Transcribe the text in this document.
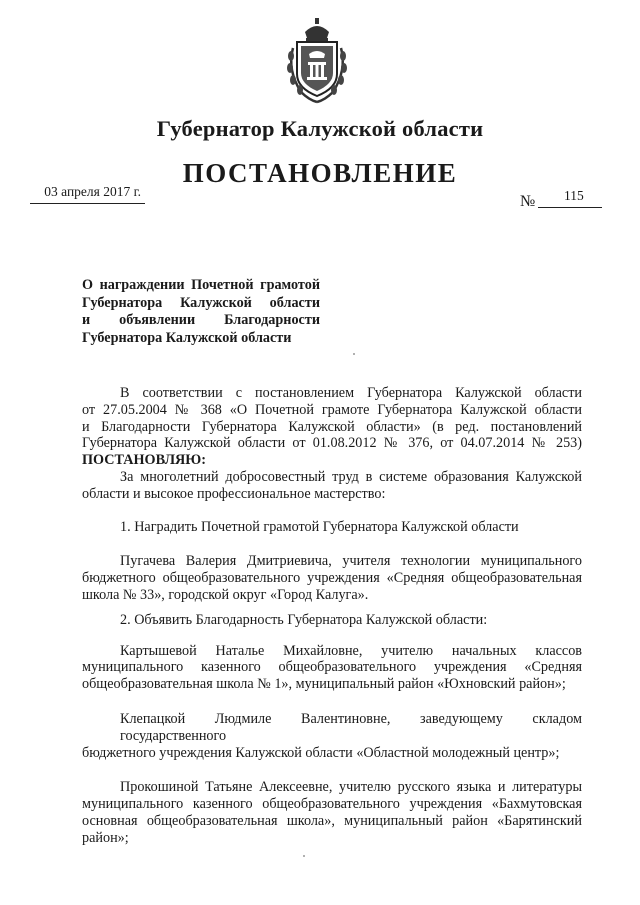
Губернатор Калужской области
ПОСТАНОВЛЕНИЕ
03 апреля 2017 г.
№ 115
О награждении Почетной грамотой
Губернатора Калужской области
и объявлении Благодарности
Губернатора Калужской области
В соответствии с постановлением Губернатора Калужской области
от 27.05.2004 № 368 «О Почетной грамоте Губернатора Калужской области
и Благодарности Губернатора Калужской области» (в ред. постановлений
Губернатора Калужской области от 01.08.2012 № 376, от 04.07.2014 № 253)
ПОСТАНОВЛЯЮ:
За многолетний добросовестный труд в системе образования Калужской
области и высокое профессиональное мастерство:
1. Наградить Почетной грамотой Губернатора Калужской области
Пугачева Валерия Дмитриевича, учителя технологии муниципального
бюджетного общеобразовательного учреждения «Средняя общеобразовательная
школа № 33», городской округ «Город Калуга».
2. Объявить Благодарность Губернатора Калужской области:
Картышевой Наталье Михайловне, учителю начальных классов
муниципального казенного общеобразовательного учреждения «Средняя
общеобразовательная школа № 1», муниципальный район «Юхновский район»;
Клепацкой Людмиле Валентиновне, заведующему складом государственного
бюджетного учреждения Калужской области «Областной молодежный центр»;
Прокошиной Татьяне Алексеевне, учителю русского языка и литературы
муниципального казенного общеобразовательного учреждения «Бахмутовская
основная общеобразовательная школа», муниципальный район «Барятинский
район»;
